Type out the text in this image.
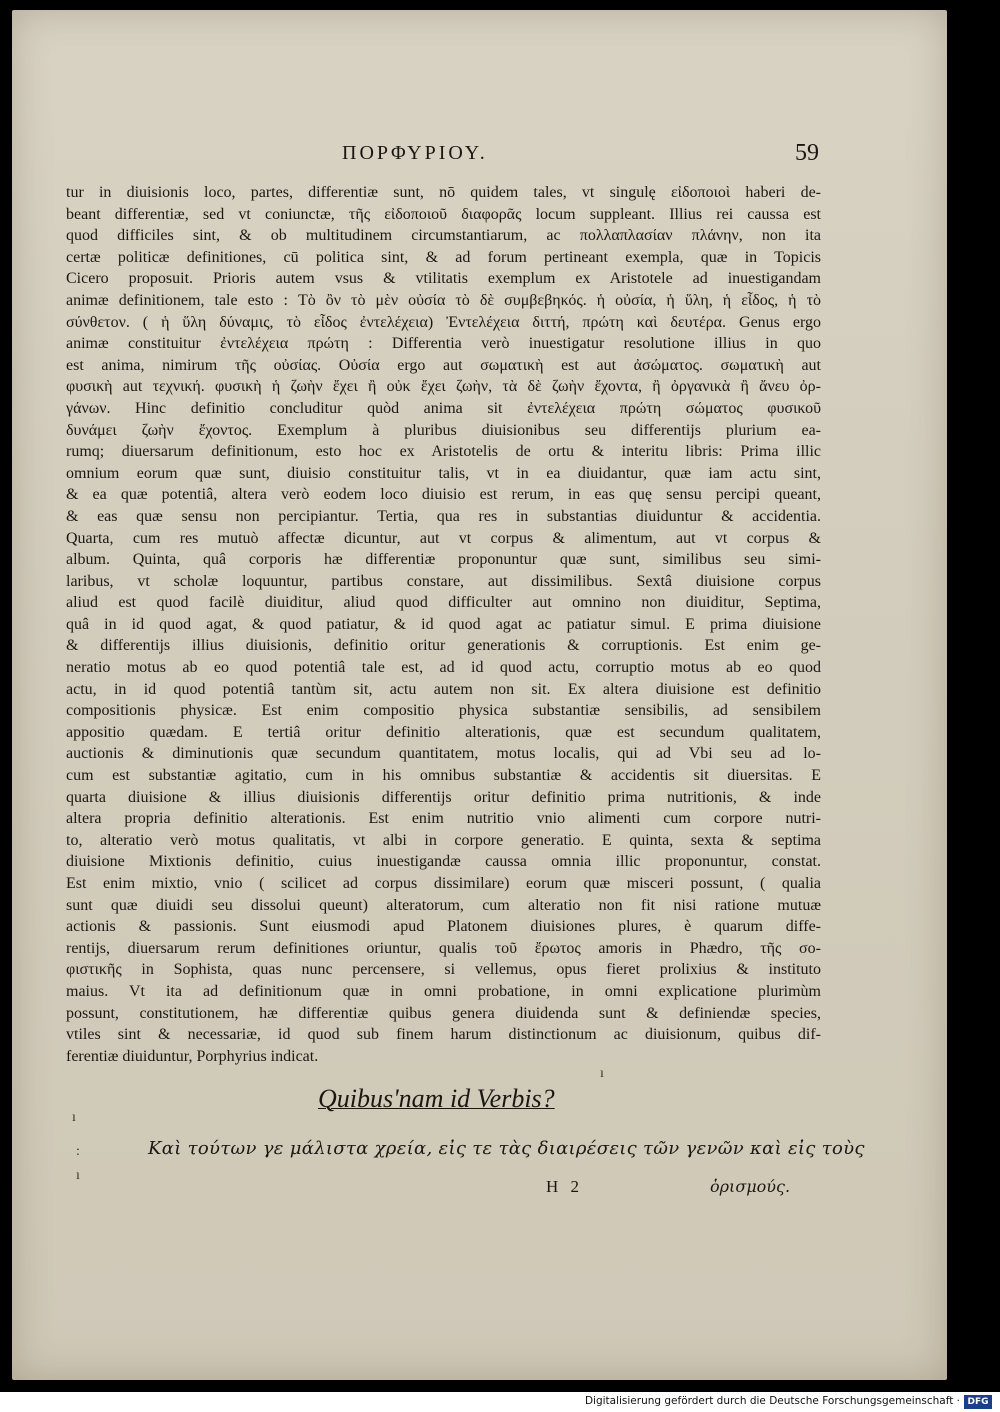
ΠΟΡΦΥΡΙΟΥ.	59
tur in diuisionis loco, partes, differentiæ sunt, nō quidem tales, vt singulę εἰδοποιοὶ haberi de-
beant differentiæ, sed vt coniunctæ, τῆς εἰδοποιοῦ διαφορᾶς locum suppleant. Illius rei caussa est
quod difficiles sint, & ob multitudinem circumstantiarum, ac πολλαπλασίαν πλάνην, non ita
certæ politicæ definitiones, cū politica sint, & ad forum pertineant exempla, quæ in Topicis
Cicero proposuit. Prioris autem vsus & vtilitatis exemplum ex Aristotele ad inuestigandam
animæ definitionem, tale esto : Τὸ ὂν τὸ μὲν οὐσία τὸ δὲ συμβεβηκός. ἡ οὐσία, ἡ ὕλη, ἡ εἶδος, ἡ τὸ
σύνθετον. ( ἡ ὕλη δύναμις, τὸ εἶδος ἐντελέχεια) Ἐντελέχεια διττή, πρώτη καὶ δευτέρα. Genus ergo
animæ constituitur ἐντελέχεια πρώτη : Differentia verò inuestigatur resolutione illius in quo
est anima, nimirum τῆς οὐσίας. Οὐσία ergo aut σωματικὴ est aut ἀσώματος. σωματικὴ aut
φυσικὴ aut τεχνική. φυσικὴ ἡ ζωὴν ἔχει ἢ οὐκ ἔχει ζωὴν, τὰ δὲ ζωὴν ἔχοντα, ἢ ὀργανικὰ ἢ ἄνευ ὀρ-
γάνων. Hinc definitio concluditur quòd anima sit ἐντελέχεια πρώτη σώματος φυσικοῦ
δυνάμει ζωὴν ἔχοντος. Exemplum à pluribus diuisionibus seu differentijs plurium ea-
rumq; diuersarum definitionum, esto hoc ex Aristotelis de ortu & interitu libris: Prima illic
omnium eorum quæ sunt, diuisio constituitur talis, vt in ea diuidantur, quæ iam actu sint,
& ea quæ potentiâ, altera verò eodem loco diuisio est rerum, in eas quę sensu percipi queant,
& eas quæ sensu non percipiantur. Tertia, qua res in substantias diuiduntur & accidentia.
Quarta, cum res mutuò affectæ dicuntur, aut vt corpus & alimentum, aut vt corpus &
album. Quinta, quâ corporis hæ differentiæ proponuntur quæ sunt, similibus seu simi-
laribus, vt scholæ loquuntur, partibus constare, aut dissimilibus. Sextâ diuisione corpus
aliud est quod facilè diuiditur, aliud quod difficulter aut omnino non diuiditur, Septima,
quâ in id quod agat, & quod patiatur, & id quod agat ac patiatur simul. E prima diuisione
& differentijs illius diuisionis, definitio oritur generationis & corruptionis. Est enim ge-
neratio motus ab eo quod potentiâ tale est, ad id quod actu, corruptio motus ab eo quod
actu, in id quod potentiâ tantùm sit, actu autem non sit. Ex altera diuisione est definitio
compositionis physicæ. Est enim compositio physica substantiæ sensibilis, ad sensibilem
appositio quædam. E tertiâ oritur definitio alterationis, quæ est secundum qualitatem,
auctionis & diminutionis quæ secundum quantitatem, motus localis, qui ad Vbi seu ad lo-
cum est substantiæ agitatio, cum in his omnibus substantiæ & accidentis sit diuersitas. E
quarta diuisione & illius diuisionis differentijs oritur definitio prima nutritionis, & inde
altera propria definitio alterationis. Est enim nutritio vnio alimenti cum corpore nutri-
to, alteratio verò motus qualitatis, vt albi in corpore generatio. E quinta, sexta & septima
diuisione Mixtionis definitio, cuius inuestigandæ caussa omnia illic proponuntur, constat.
Est enim mixtio, vnio ( scilicet ad corpus dissimilare) eorum quæ misceri possunt, ( qualia
sunt quæ diuidi seu dissolui queunt) alteratorum, cum alteratio non fit nisi ratione mutuæ
actionis & passionis. Sunt eiusmodi apud Platonem diuisiones plures, è quarum diffe-
rentijs, diuersarum rerum definitiones oriuntur, qualis τοῦ ἔρωτος amoris in Phædro, τῆς σο-
φιστικῆς in Sophista, quas nunc percensere, si vellemus, opus fieret prolixius & instituto
maius. Vt ita ad definitionum quæ in omni probatione, in omni explicatione plurimùm
possunt, constitutionem, hæ differentiæ quibus genera diuidenda sunt & definiendæ species,
vtiles sint & necessariæ, id quod sub finem harum distinctionum ac diuisionum, quibus dif-
ferentiæ diuiduntur, Porphyrius indicat.
ı
ı
:
ı
Quibus'nam id Verbis?
Καὶ τούτων γε μάλιστα χρεία, εἰς τε τὰς διαιρέσεις τῶν γενῶν καὶ εἰς τοὺς
H 2	ὁρισμούς.
Digitalisierung gefördert durch die Deutsche Forschungsgemeinschaft · DFG
